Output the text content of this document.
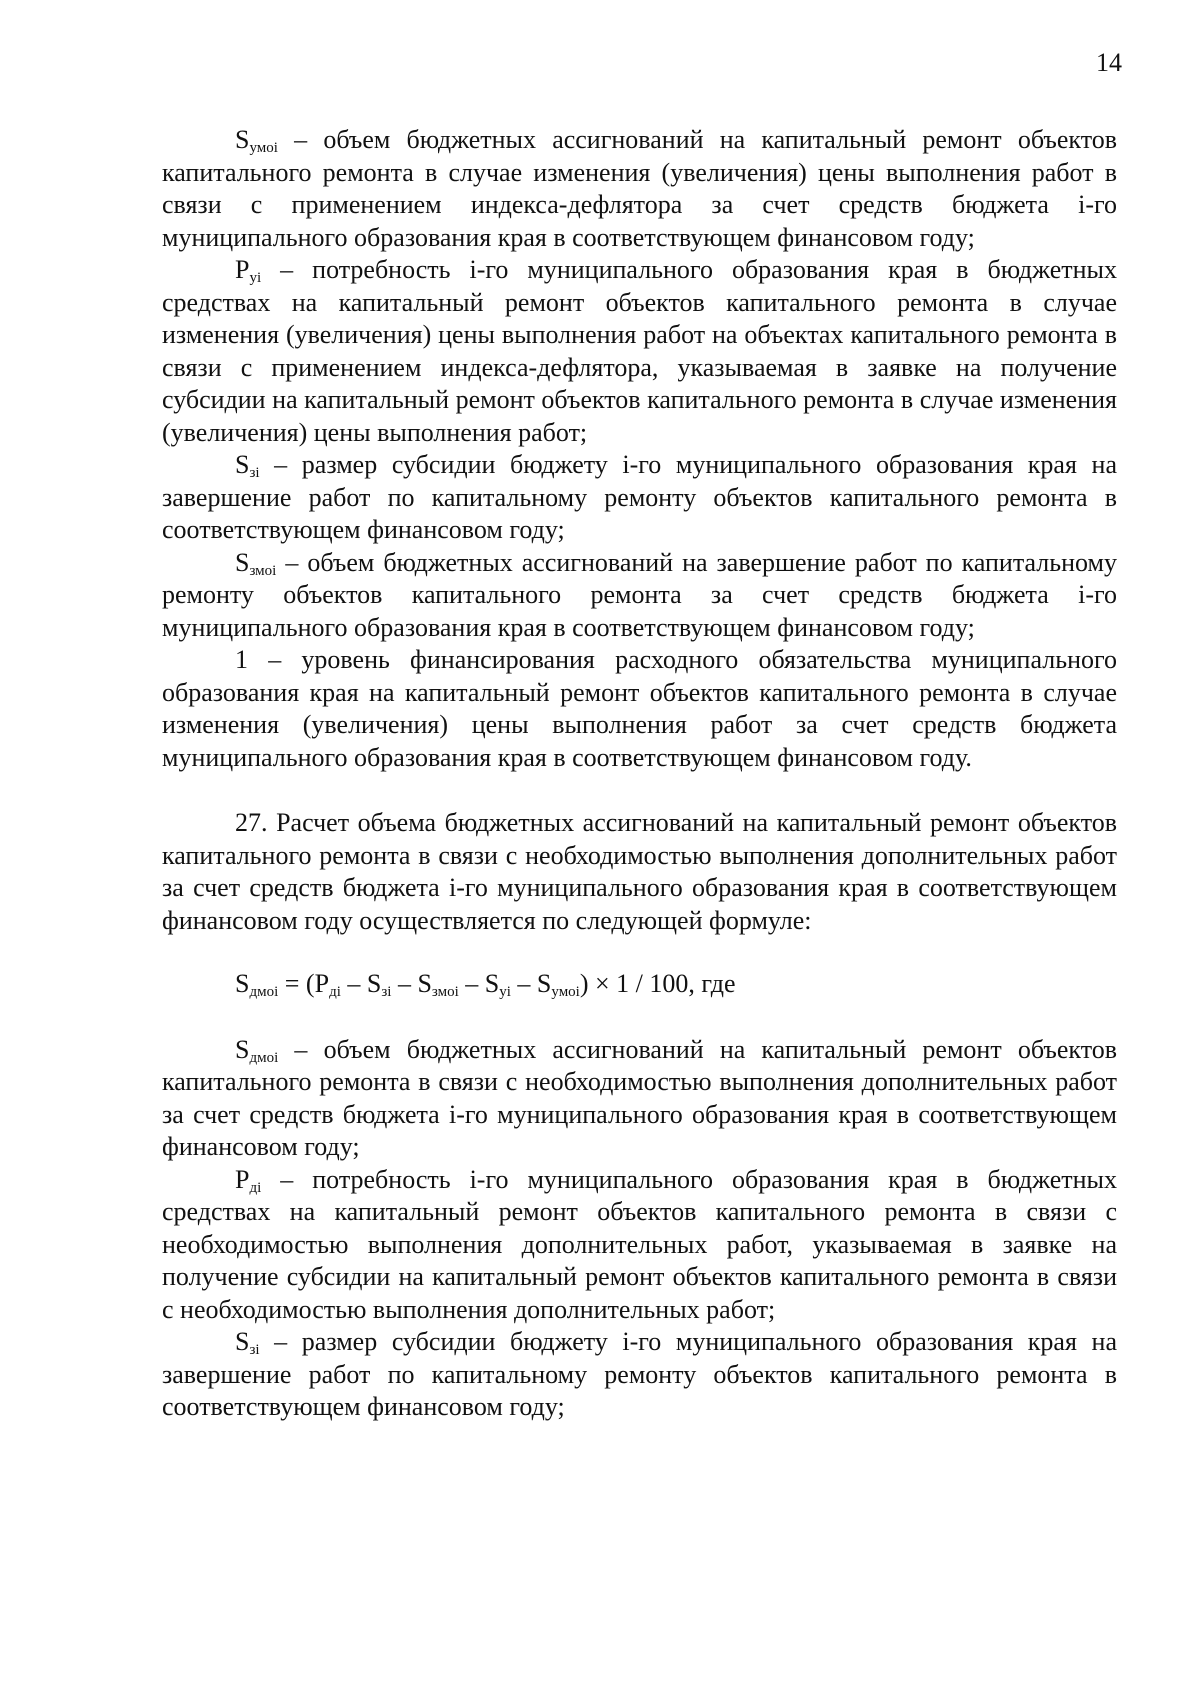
14

$S_{умоi}$ – объем бюджетных ассигнований на капитальный ремонт объектов капитального ремонта в случае изменения (увеличения) цены выполнения работ в связи с применением индекса-дефлятора за счет средств бюджета i-го муниципального образования края в соответствующем финансовом году;

$P_{уi}$ – потребность i-го муниципального образования края в бюджетных средствах на капитальный ремонт объектов капитального ремонта в случае изменения (увеличения) цены выполнения работ на объектах капитального ремонта в связи с применением индекса-дефлятора, указываемая в заявке на получение субсидии на капитальный ремонт объектов капитального ремонта в случае изменения (увеличения) цены выполнения работ;

$S_{зi}$ – размер субсидии бюджету i-го муниципального образования края на завершение работ по капитальному ремонту объектов капитального ремонта в соответствующем финансовом году;

$S_{змоi}$ – объем бюджетных ассигнований на завершение работ по капитальному ремонту объектов капитального ремонта за счет средств бюджета i-го муниципального образования края в соответствующем финансовом году;

1 – уровень финансирования расходного обязательства муниципального образования края на капитальный ремонт объектов капитального ремонта в случае изменения (увеличения) цены выполнения работ за счет средств бюджета муниципального образования края в соответствующем финансовом году.

27. Расчет объема бюджетных ассигнований на капитальный ремонт объектов капитального ремонта в связи с необходимостью выполнения дополнительных работ за счет средств бюджета i-го муниципального образования края в соответствующем финансовом году осуществляется по следующей формуле:

$S_{дмоi} = (P_{дi} - S_{зi} - S_{змоi} - S_{уi} - S_{умоi}) \times 1 / 100$, где

$S_{дмоi}$ – объем бюджетных ассигнований на капитальный ремонт объектов капитального ремонта в связи с необходимостью выполнения дополнительных работ за счет средств бюджета i-го муниципального образования края в соответствующем финансовом году;

$P_{дi}$ – потребность i-го муниципального образования края в бюджетных средствах на капитальный ремонт объектов капитального ремонта в связи с необходимостью выполнения дополнительных работ, указываемая в заявке на получение субсидии на капитальный ремонт объектов капитального ремонта в связи с необходимостью выполнения дополнительных работ;

$S_{зi}$ – размер субсидии бюджету i-го муниципального образования края на завершение работ по капитальному ремонту объектов капитального ремонта в соответствующем финансовом году;
